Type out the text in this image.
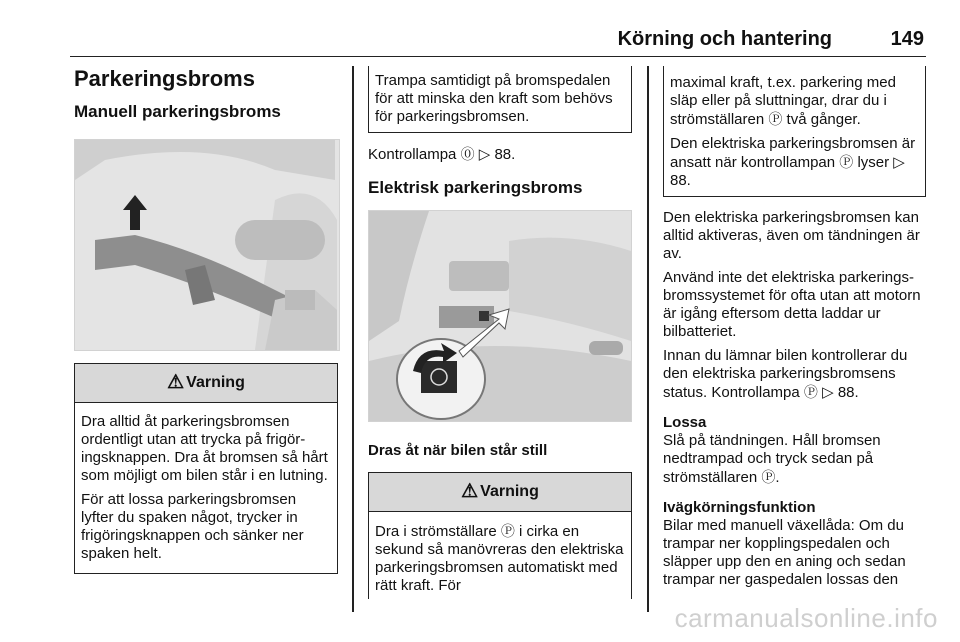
Körning och hantering	149
Parkeringsbroms
Manuell parkeringsbroms
⚠ Varning

Dra alltid åt parkeringsbromsen ordentligt utan att trycka på frigöringsknappen. Dra åt bromsen så hårt som möjligt om bilen står i en lutning.

För att lossa parkeringsbromsen lyfter du spaken något, trycker in frigöringsknappen och sänker ner spaken helt.

Trampa samtidigt på bromspedalen för att minska den kraft som behövs för parkeringsbromsen.

Kontrollampa ⓪ ▷ 88.

Elektrisk parkeringsbroms
Dras åt när bilen står still
⚠ Varning

Dra i strömställare Ⓟ i cirka en sekund så manövreras den elektriska parkeringsbromsen automatiskt med rätt kraft. För

maximal kraft, t.ex. parkering med släp eller på sluttningar, drar du i strömställaren Ⓟ två gånger.

Den elektriska parkeringsbromsen är ansatt när kontrollampan Ⓟ lyser ▷ 88.

Den elektriska parkeringsbromsen kan alltid aktiveras, även om tändningen är av.

Använd inte det elektriska parkeringsbromssystemet för ofta utan att motorn är igång eftersom detta laddar ur bilbatteriet.

Innan du lämnar bilen kontrollerar du den elektriska parkeringsbromsens status. Kontrollampa Ⓟ ▷ 88.

Lossa

Slå på tändningen. Håll bromsen nedtrampad och tryck sedan på strömställaren Ⓟ.

Ivägkörningsfunktion

Bilar med manuell växellåda: Om du trampar ner kopplingspedalen och släpper upp den en aning och sedan trampar ner gaspedalen lossas den

carmanualsonline.info
